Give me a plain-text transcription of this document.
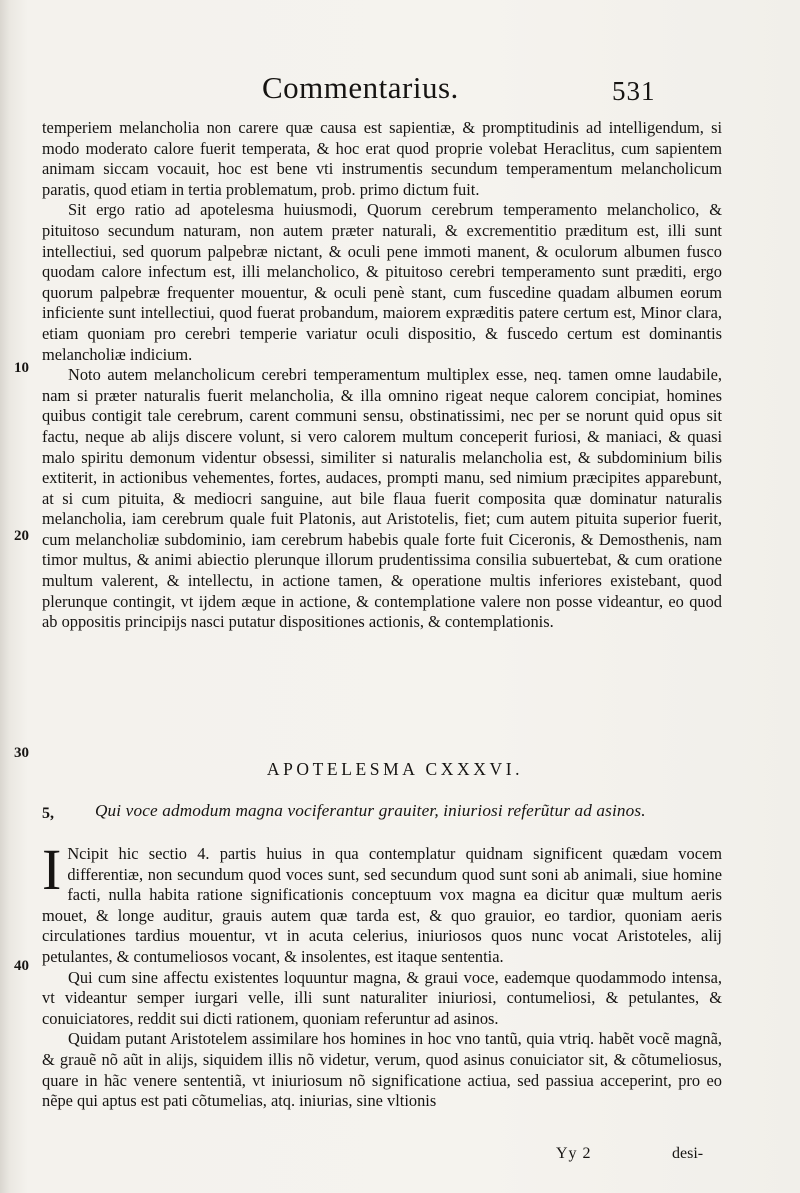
Commentarius.	531
10
20
30
40

temperiem melancholia non carere quæ causa est sapientiæ, & promptitudinis ad intelligendum, si modo moderato calore fuerit temperata, & hoc erat quod proprie volebat Heraclitus, cum sapientem animam siccam vocauit, hoc est bene vti instrumentis secundum temperamentum melancholicum paratis, quod etiam in tertia problematum, prob. primo dictum fuit.

Sit ergo ratio ad apotelesma huiusmodi, Quorum cerebrum temperamento melancholico, & pituitoso secundum naturam, non autem præter naturali, & excrementitio præditum est, illi sunt intellectiui, sed quorum palpebræ nictant, & oculi pene immoti manent, & oculorum albumen fusco quodam calore infectum est, illi melancholico, & pituitoso cerebri temperamento sunt præditi, ergo quorum palpebræ frequenter mouentur, & oculi penè stant, cum fuscedine quadam albumen eorum inficiente sunt intellectiui, quod fuerat probandum, maiorem expræditis patere certum est, Minor clara, etiam quoniam pro cerebri temperie variatur oculi dispositio, & fuscedo certum est dominantis melancholiæ indicium.

Noto autem melancholicum cerebri temperamentum multiplex esse, neq. tamen omne laudabile, nam si præter naturalis fuerit melancholia, & illa omnino rigeat neque calorem concipiat, homines quibus contigit tale cerebrum, carent communi sensu, obstinatissimi, nec per se norunt quid opus sit factu, neque ab alijs discere volunt, si vero calorem multum conceperit furiosi, & maniaci, & quasi malo spiritu demonum videntur obsessi, similiter si naturalis melancholia est, & subdominium bilis extiterit, in actionibus vehementes, fortes, audaces, prompti manu, sed nimium præcipites apparebunt, at si cum pituita, & mediocri sanguine, aut bile flaua fuerit composita quæ dominatur naturalis melancholia, iam cerebrum quale fuit Platonis, aut Aristotelis, fiet; cum autem pituita superior fuerit, cum melancholiæ subdominio, iam cerebrum habebis quale forte fuit Ciceronis, & Demosthenis, nam timor multus, & animi abiectio plerunque illorum prudentissima consilia subuertebat, & cum oratione multum valerent, & intellectu, in actione tamen, & operatione multis inferiores existebant, quod plerunque contingit, vt ijdem æque in actione, & contemplatione valere non posse videantur, eo quod ab oppositis principijs nasci putatur dispositiones actionis, & contemplationis.

APOTELESMA CXXXVI.
5, Qui voce admodum magna vociferantur grauiter, iniuriosi referũtur ad asinos.

I Ncipit hic sectio 4. partis huius in qua contemplatur quidnam significent quædam vocem differentiæ, non secundum quod voces sunt, sed secundum quod sunt soni ab animali, siue homine facti, nulla habita ratione significationis conceptuum vox magna ea dicitur quæ multum aeris mouet, & longe auditur, grauis autem quæ tarda est, & quo grauior, eo tardior, quoniam aeris circulationes tardius mouentur, vt in acuta celerius, iniuriosos quos nunc vocat Aristoteles, alij petulantes, & contumeliosos vocant, & insolentes, est itaque sententia.

Qui cum sine affectu existentes loquuntur magna, & graui voce, eademque quodammodo intensa, vt videantur semper iurgari velle, illi sunt naturaliter iniuriosi, contumeliosi, & petulantes, & conuiciatores, reddit sui dicti rationem, quoniam referuntur ad asinos.

Quidam putant Aristotelem assimilare hos homines in hoc vno tantũ, quia vtriq. habẽt vocẽ magnã, & grauẽ nõ aũt in alijs, siquidem illis nõ videtur, verum, quod asinus conuiciator sit, & cõtumeliosus, quare in hãc venere sententiã, vt iniuriosum nõ significatione actiua, sed passiua acceperint, pro eo nẽpe qui aptus est pati cõtumelias, atq. iniurias, sine vltionis

Yy 2	desi-
